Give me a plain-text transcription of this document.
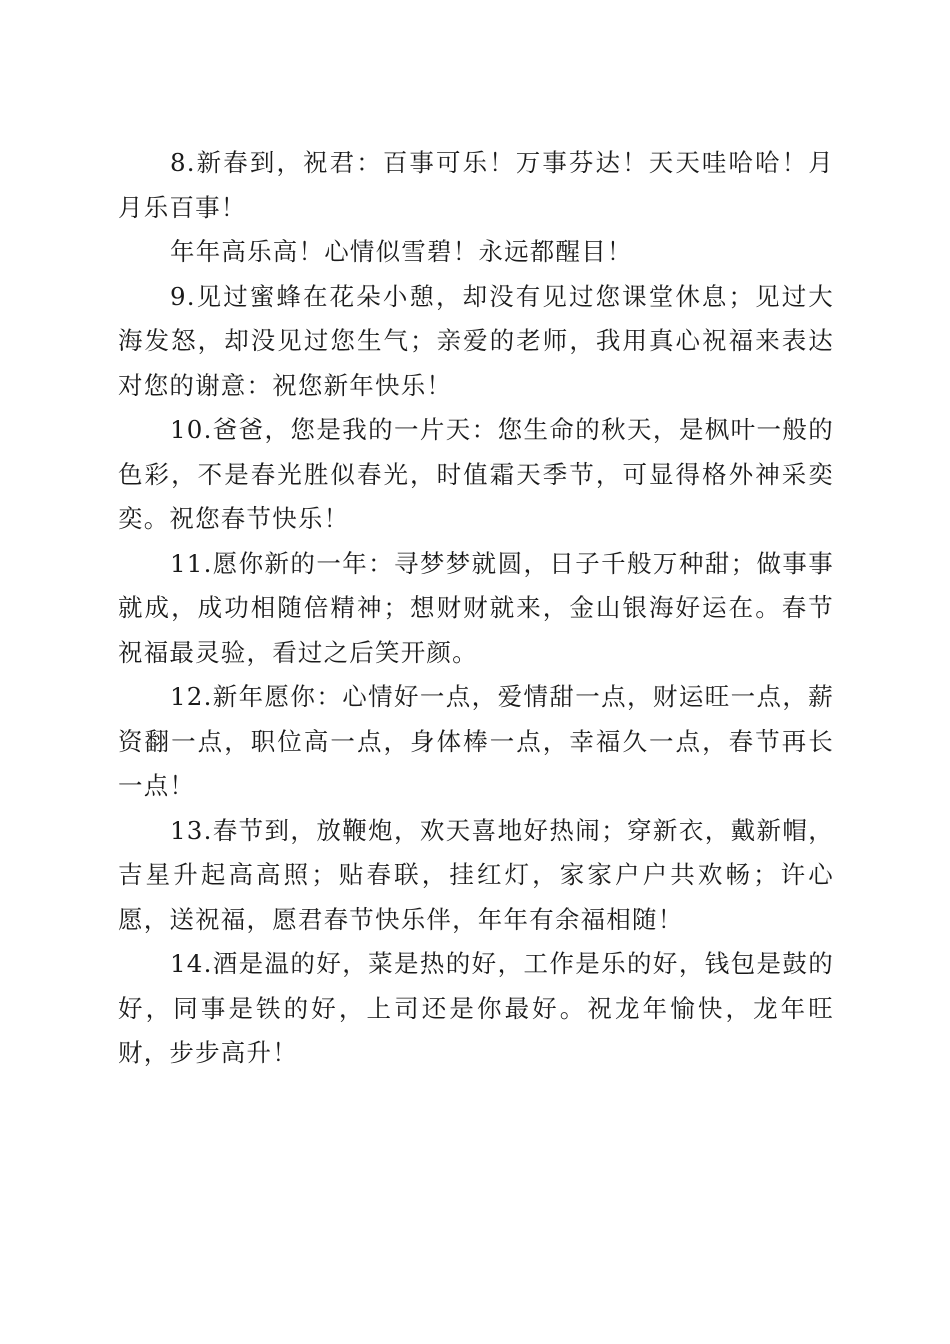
8.新春到，祝君：百事可乐！万事芬达！天天哇哈哈！月月乐百事！

年年高乐高！心情似雪碧！永远都醒目！

9.见过蜜蜂在花朵小憩，却没有见过您课堂休息；见过大海发怒，却没见过您生气；亲爱的老师，我用真心祝福来表达对您的谢意：祝您新年快乐！

10.爸爸，您是我的一片天：您生命的秋天，是枫叶一般的色彩，不是春光胜似春光，时值霜天季节，可显得格外神采奕奕。祝您春节快乐！

11.愿你新的一年：寻梦梦就圆，日子千般万种甜；做事事就成，成功相随倍精神；想财财就来，金山银海好运在。春节祝福最灵验，看过之后笑开颜。

12.新年愿你：心情好一点，爱情甜一点，财运旺一点，薪资翻一点，职位高一点，身体棒一点，幸福久一点，春节再长一点！

13.春节到，放鞭炮，欢天喜地好热闹；穿新衣，戴新帽，吉星升起高高照；贴春联，挂红灯，家家户户共欢畅；许心愿，送祝福，愿君春节快乐伴，年年有余福相随！

14.酒是温的好，菜是热的好，工作是乐的好，钱包是鼓的好，同事是铁的好，上司还是你最好。祝龙年愉快，龙年旺财，步步高升！
